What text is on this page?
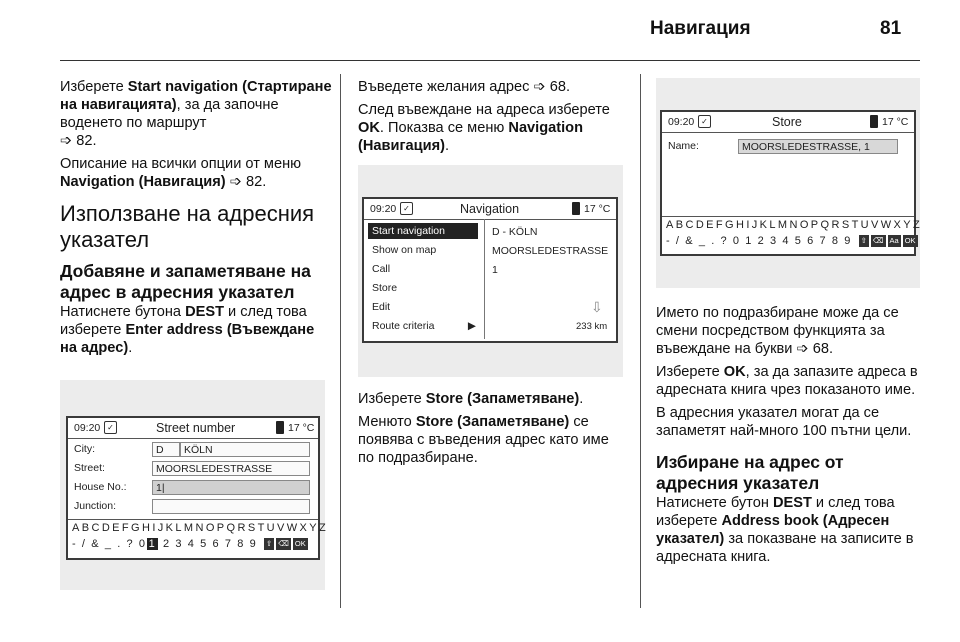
Навигация	81

Изберете Start navigation (Стартиране на навигацията), за да започне воденето по маршрут
➩ 82.

Описание на всички опции от меню Navigation (Навигация) ➩ 82.

Използване на адресния указател
Добавяне и запаметяване на адрес в адресния указател

Натиснете бутона DEST и след това изберете Enter address (Въвеждане на адрес).

09:20 ✓	Street number	17 °C
City:	D	KÖLN
Street:	MOORSLEDESTRASSE
House No.:	1|
Junction:
ABCDEFGHIJKLMNOPQRSTUVWXYZ
- / & _ . ? 0 1 2 3 4 5 6 7 8 9 ⇧ ⌫ OK

Въведете желания адрес ➩ 68.

След въвеждане на адреса изберете OK. Показва се меню Navigation (Навигация).

09:20 ✓	Navigation	17 °C
Start navigation
Show on map
Call
Store
Edit
Route criteria	▶
D - KÖLN
MOORSLEDESTRASSE
1
⇩
233 km

Изберете Store (Запаметяване).

Менюто Store (Запаметяване) се появява с въведения адрес като име по подразбиране.

09:20 ✓	Store	17 °C
Name:	MOORSLEDESTRASSE, 1
ABCDEFGHIJKLMNOPQRSTUVWXYZ
- / & _ . ? 0 1 2 3 4 5 6 7 8 9 ⇧ ⌫ Aa OK

Името по подразбиране може да се смени посредством функцията за въвеждане на букви ➩ 68.

Изберете OK, за да запазите адреса в адресната книга чрез показаното име.

В адресния указател могат да се запаметят най-много 100 пътни цели.

Избиране на адрес от адресния указател

Натиснете бутон DEST и след това изберете Address book (Адресен указател) за показване на записите в адресната книга.
